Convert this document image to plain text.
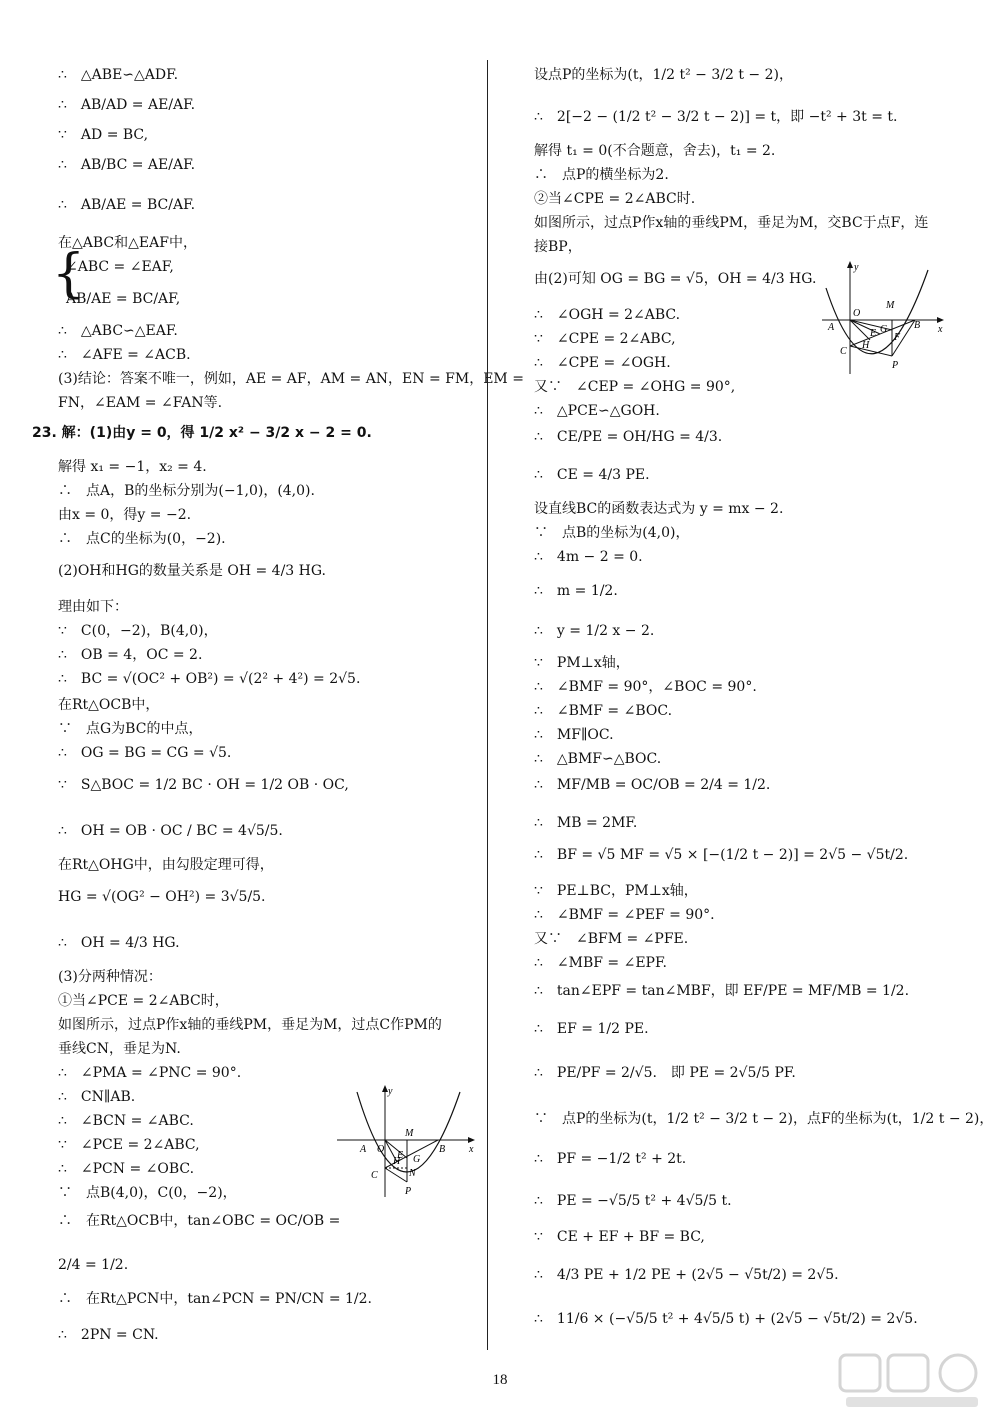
∴　△ABE∽△ADF.
∴　AB/AD = AE/AF.
∵　AD = BC,
∴　AB/BC = AE/AF.
∴　AB/AE = BC/AF.
在△ABC和△EAF中，
∠ABC = ∠EAF,
AB/AE = BC/AF,
∴　△ABC∽△EAF.
∴　∠AFE = ∠ACB.
(3)结论：答案不唯一，例如，AE = AF，AM = AN，EN = FM，EM =
FN，∠EAM = ∠FAN等.
23. 解：(1)由y = 0，得 1/2 x² − 3/2 x − 2 = 0.
解得 x₁ = −1，x₂ = 4.
∴　点A，B的坐标分别为(−1,0)，(4,0).
由x = 0，得y = −2.
∴　点C的坐标为(0，−2).
(2)OH和HG的数量关系是 OH = 4/3 HG.
理由如下：
∵　C(0，−2)，B(4,0)，
∴　OB = 4，OC = 2.
∴　BC = √(OC² + OB²) = √(2² + 4²) = 2√5.
在Rt△OCB中，
∵　点G为BC的中点，
∴　OG = BG = CG = √5.
∵　S△BOC = 1/2 BC · OH = 1/2 OB · OC,
∴　OH = OB · OC / BC = 4√5/5.
在Rt△OHG中，由勾股定理可得，
HG = √(OG² − OH²) = 3√5/5.
∴　OH = 4/3 HG.
(3)分两种情况：
①当∠PCE = 2∠ABC时，
如图所示，过点P作x轴的垂线PM，垂足为M，过点C作PM的
垂线CN，垂足为N.
∴　∠PMA = ∠PNC = 90°.
∴　CN∥AB.
∴　∠BCN = ∠ABC.
∵　∠PCE = 2∠ABC,
∴　∠PCN = ∠OBC.
∵　点B(4,0)，C(0，−2)，
∴　在Rt△OCB中，tan∠OBC = OC/OB =
2/4 = 1/2.
∴　在Rt△PCN中，tan∠PCN = PN/CN = 1/2.
∴　2PN = CN.
设点P的坐标为(t，1/2 t² − 3/2 t − 2)，
∴　2[−2 − (1/2 t² − 3/2 t − 2)] = t，即 −t² + 3t = t.
解得 t₁ = 0(不合题意，舍去)，t₁ = 2.
∴　点P的横坐标为2.
②当∠CPE = 2∠ABC时.
如图所示，过点P作x轴的垂线PM，垂足为M，交BC于点F，连
接BP，
由(2)可知 OG = BG = √5，OH = 4/3 HG.
∴　∠OGH = 2∠ABC.
∵　∠CPE = 2∠ABC,
∴　∠CPE = ∠OGH.
又∵　∠CEP = ∠OHG = 90°,
∴　△PCE∽△GOH.
∴　CE/PE = OH/HG = 4/3.
∴　CE = 4/3 PE.
设直线BC的函数表达式为 y = mx − 2.
∵　点B的坐标为(4,0)，
∴　4m − 2 = 0.
∴　m = 1/2.
∴　y = 1/2 x − 2.
∵　PM⊥x轴，
∴　∠BMF = 90°，∠BOC = 90°.
∴　∠BMF = ∠BOC.
∴　MF∥OC.
∴　△BMF∽△BOC.
∴　MF/MB = OC/OB = 2/4 = 1/2.
∴　MB = 2MF.
∴　BF = √5 MF = √5 × [−(1/2 t − 2)] = 2√5 − √5t/2.
∵　PE⊥BC，PM⊥x轴，
∴　∠BMF = ∠PEF = 90°.
又∵　∠BFM = ∠PFE.
∴　∠MBF = ∠EPF.
∴　tan∠EPF = tan∠MBF，即 EF/PE = MF/MB = 1/2.
∴　EF = 1/2 PE.
∴　PE/PF = 2/√5.　即 PE = 2√5/5 PF.
∵　点P的坐标为(t，1/2 t² − 3/2 t − 2)，点F的坐标为(t，1/2 t − 2)，
∴　PF = −1/2 t² + 2t.
∴　PE = −√5/5 t² + 4√5/5 t.
∵　CE + EF + BF = BC,
∴　4/3 PE + 1/2 PE + (2√5 − √5t/2) = 2√5.
∴　11/6 × (−√5/5 t² + 4√5/5 t) + (2√5 − √5t/2) = 2√5.
{
A O
M
B x
y
C
H
E G
N
P
A
O
M
B x
y
C
H
E G
F
P
18
